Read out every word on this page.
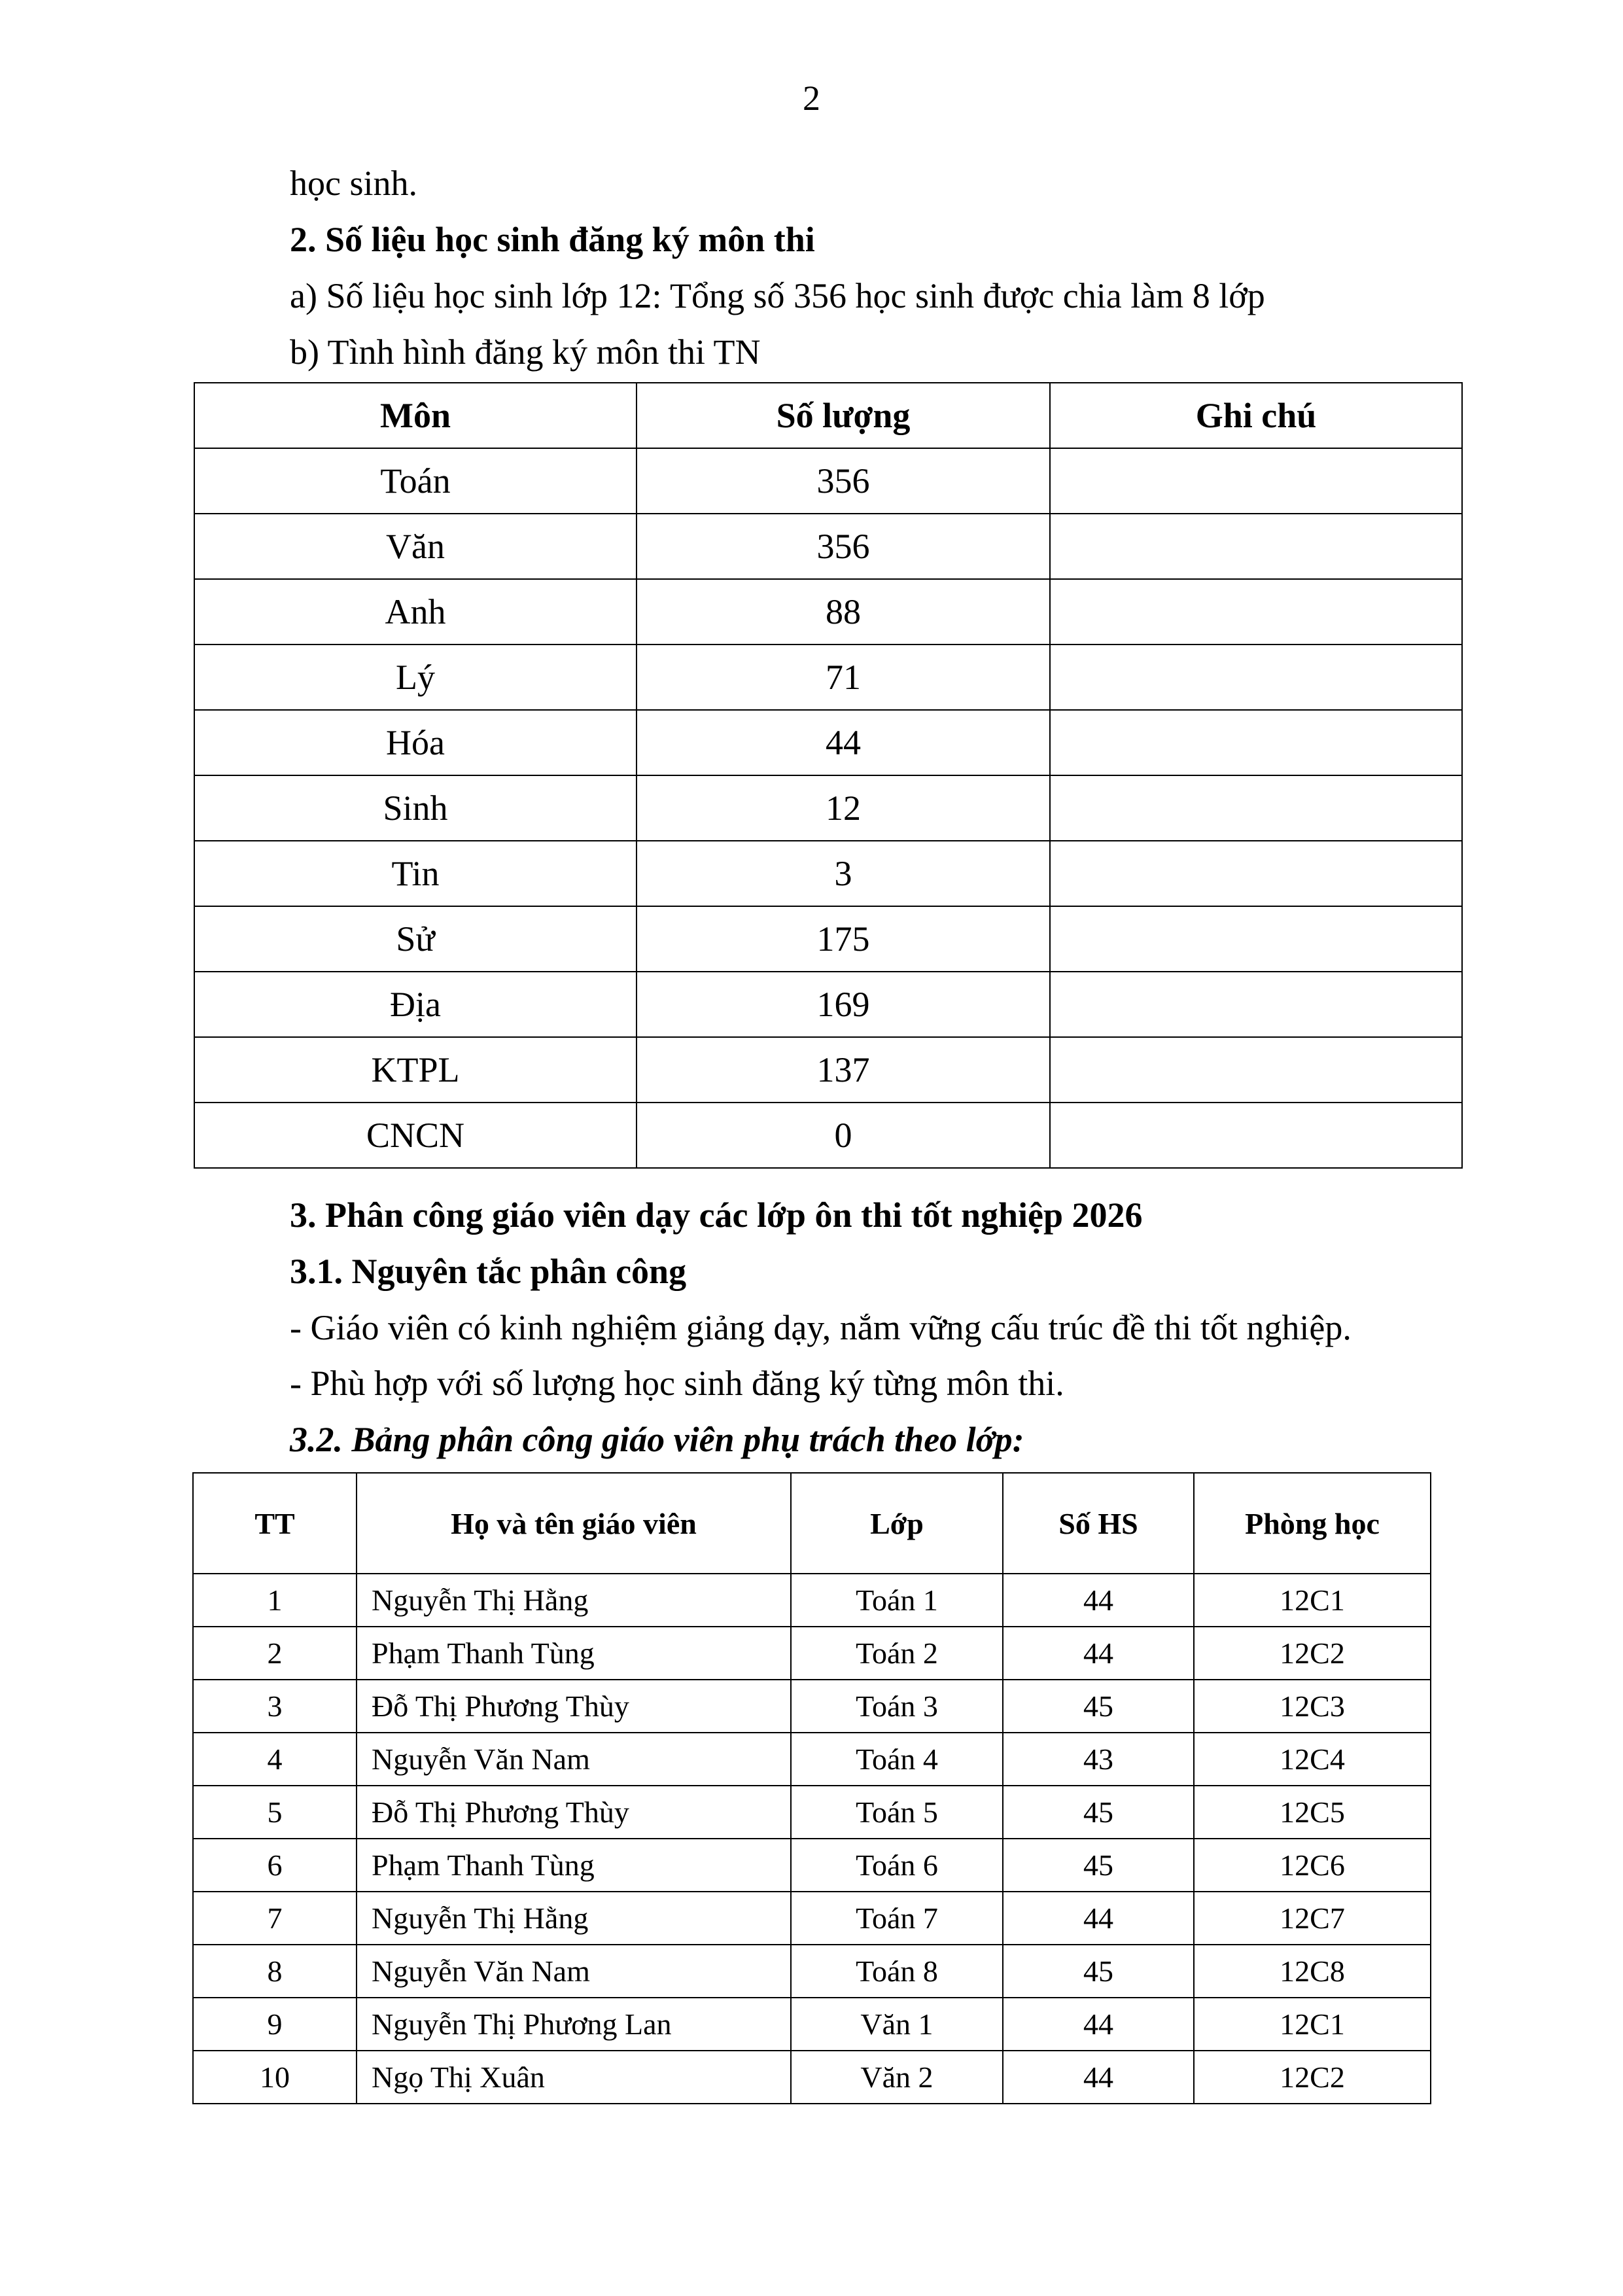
2
học sinh.
2. Số liệu học sinh đăng ký môn thi
a) Số liệu học sinh lớp 12: Tổng số 356 học sinh được chia làm 8 lớp
b) Tình hình đăng ký môn thi TN
Môn	Số lượng	Ghi chú
Toán	356	
Văn	356	
Anh	88	
Lý	71	
Hóa	44	
Sinh	12	
Tin	3	
Sử	175	
Địa	169	
KTPL	137	
CNCN	0	
3. Phân công giáo viên dạy các lớp ôn thi tốt nghiệp 2026
3.1. Nguyên tắc phân công
- Giáo viên có kinh nghiệm giảng dạy, nắm vững cấu trúc đề thi tốt nghiệp.
- Phù hợp với số lượng học sinh đăng ký từng môn thi.
3.2. Bảng phân công giáo viên phụ trách theo lớp:
TT	Họ và tên giáo viên	Lớp	Số HS	Phòng học
1	Nguyễn Thị Hằng	Toán 1	44	12C1
2	Phạm Thanh Tùng	Toán 2	44	12C2
3	Đỗ Thị Phương Thùy	Toán 3	45	12C3
4	Nguyễn Văn Nam	Toán 4	43	12C4
5	Đỗ Thị Phương Thùy	Toán 5	45	12C5
6	Phạm Thanh Tùng	Toán 6	45	12C6
7	Nguyễn Thị Hằng	Toán 7	44	12C7
8	Nguyễn Văn Nam	Toán 8	45	12C8
9	Nguyễn Thị Phương Lan	Văn 1	44	12C1
10	Ngọ Thị Xuân	Văn 2	44	12C2
